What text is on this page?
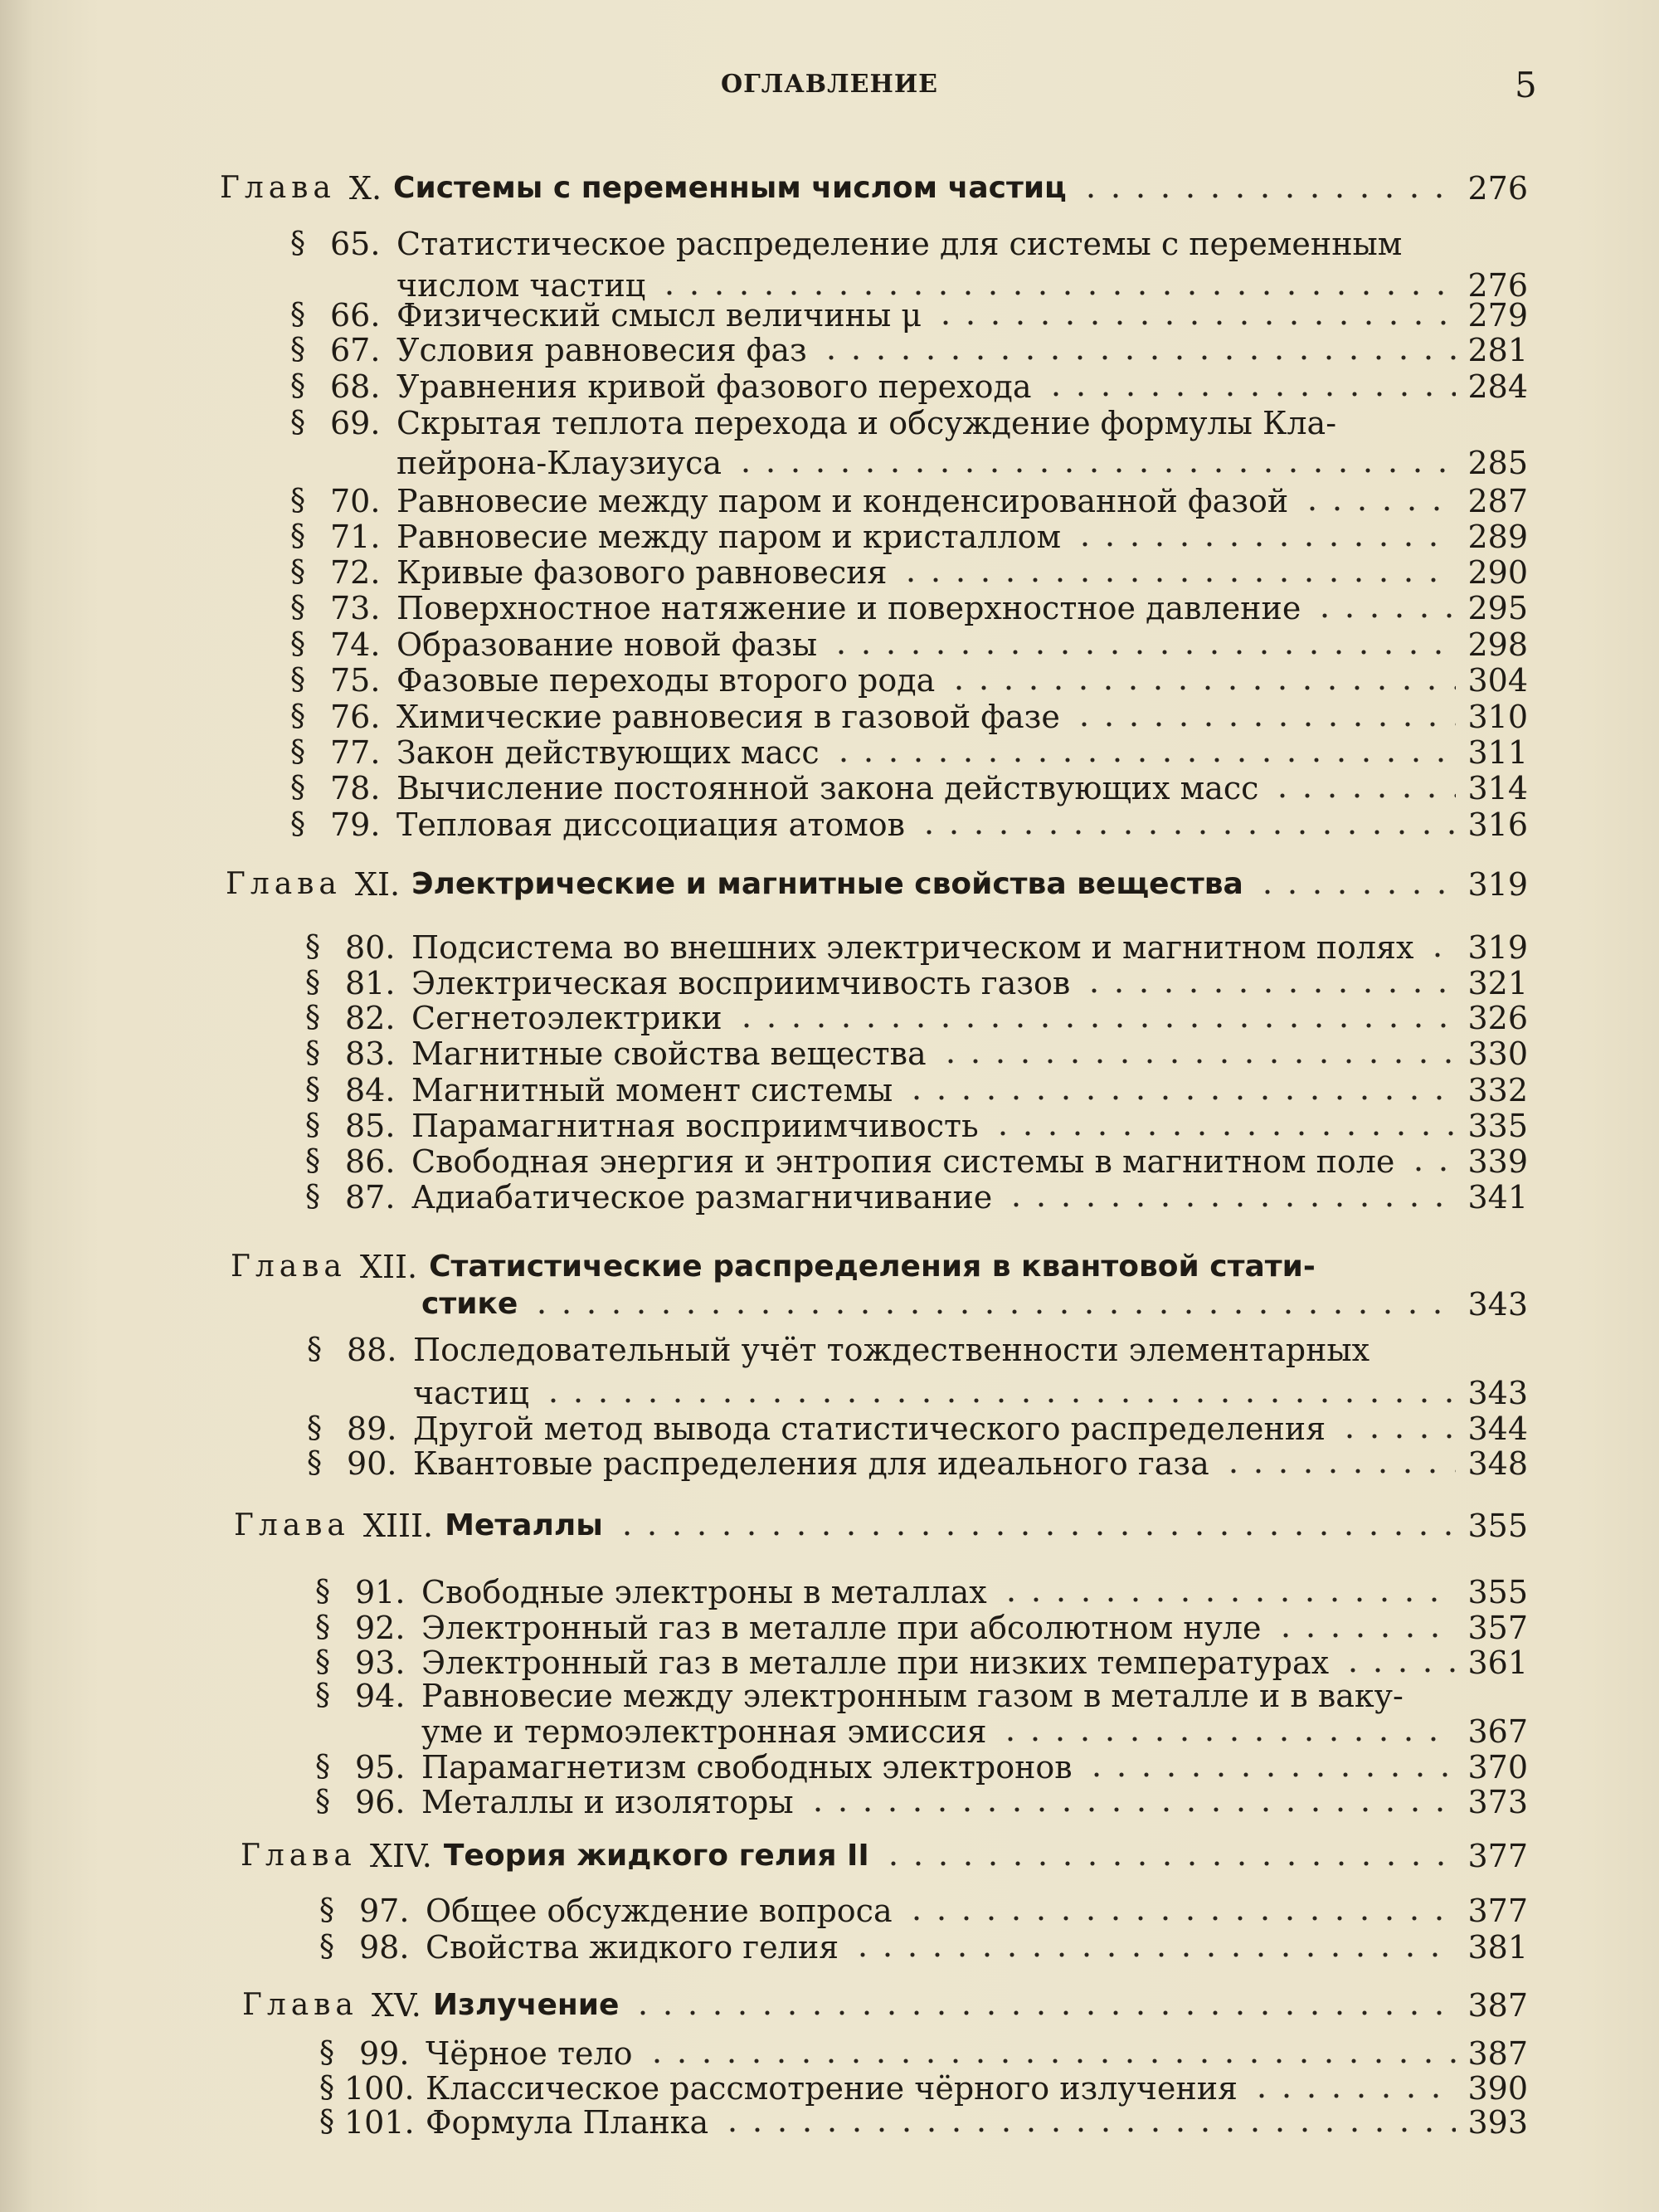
ОГЛАВЛЕНИЕ	5
Глава X. Системы с переменным числом частиц	276
§ 65. Статистическое распределение для системы с переменным
числом частиц	276
§ 66. Физический смысл величины μ	279
§ 67. Условия равновесия фаз	281
§ 68. Уравнения кривой фазового перехода	284
§ 69. Скрытая теплота перехода и обсуждение формулы Кла-
пейрона-Клаузиуса	285
§ 70. Равновесие между паром и конденсированной фазой	287
§ 71. Равновесие между паром и кристаллом	289
§ 72. Кривые фазового равновесия	290
§ 73. Поверхностное натяжение и поверхностное давление	295
§ 74. Образование новой фазы	298
§ 75. Фазовые переходы второго рода	304
§ 76. Химические равновесия в газовой фазе	310
§ 77. Закон действующих масс	311
§ 78. Вычисление постоянной закона действующих масс	314
§ 79. Тепловая диссоциация атомов	316
Глава XI. Электрические и магнитные свойства вещества	319
§ 80. Подсистема во внешних электрическом и магнитном полях 319
§ 81. Электрическая восприимчивость газов	321
§ 82. Сегнетоэлектрики	326
§ 83. Магнитные свойства вещества	330
§ 84. Магнитный момент системы	332
§ 85. Парамагнитная восприимчивость	335
§ 86. Свободная энергия и энтропия системы в магнитном поле 339
§ 87. Адиабатическое размагничивание	341
Глава XII. Статистические распределения в квантовой стати-
стике	343
§ 88. Последовательный учёт тождественности элементарных
частиц	343
§ 89. Другой метод вывода статистического распределения	344
§ 90. Квантовые распределения для идеального газа	348
Глава XIII. Металлы	355
§ 91. Свободные электроны в металлах	355
§ 92. Электронный газ в металле при абсолютном нуле	357
§ 93. Электронный газ в металле при низких температурах	361
§ 94. Равновесие между электронным газом в металле и в ваку-
уме и термоэлектронная эмиссия	367
§ 95. Парамагнетизм свободных электронов	370
§ 96. Металлы и изоляторы	373
Глава XIV. Теория жидкого гелия II	377
§ 97. Общее обсуждение вопроса	377
§ 98. Свойства жидкого гелия	381
Глава XV. Излучение	387
§ 99. Чёрное тело	387
§ 100. Классическое рассмотрение чёрного излучения	390
§ 101. Формула Планка	393
